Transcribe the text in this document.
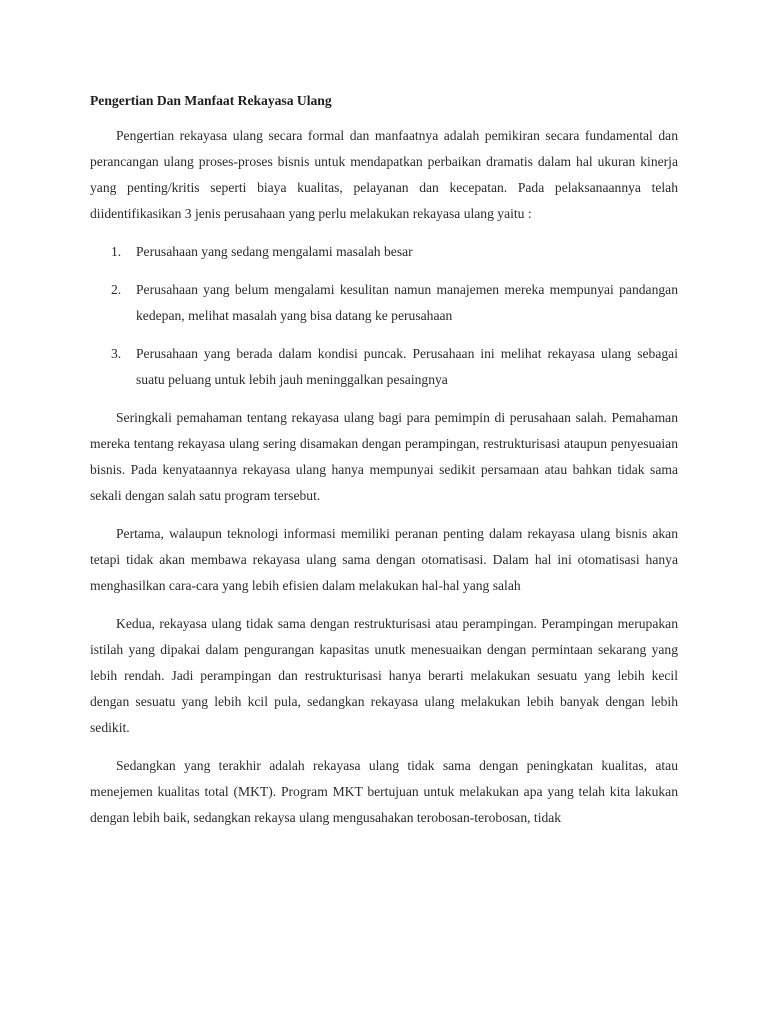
Pengertian Dan Manfaat Rekayasa Ulang

Pengertian rekayasa ulang secara formal dan manfaatnya adalah pemikiran secara fundamental dan perancangan ulang proses-proses bisnis untuk mendapatkan perbaikan dramatis dalam hal ukuran kinerja yang penting/kritis seperti biaya kualitas, pelayanan dan kecepatan. Pada pelaksanaannya telah diidentifikasikan 3 jenis perusahaan yang perlu melakukan rekayasa ulang yaitu :

1. Perusahaan yang sedang mengalami masalah besar
2. Perusahaan yang belum mengalami kesulitan namun manajemen mereka mempunyai pandangan kedepan, melihat masalah yang bisa datang ke perusahaan
3. Perusahaan yang berada dalam kondisi puncak. Perusahaan ini melihat rekayasa ulang sebagai suatu peluang untuk lebih jauh meninggalkan pesaingnya

Seringkali pemahaman tentang rekayasa ulang bagi para pemimpin di perusahaan salah. Pemahaman mereka tentang rekayasa ulang sering disamakan dengan perampingan, restrukturisasi ataupun penyesuaian bisnis. Pada kenyataannya rekayasa ulang hanya mempunyai sedikit persamaan atau bahkan tidak sama sekali dengan salah satu program tersebut.

Pertama, walaupun teknologi informasi memiliki peranan penting dalam rekayasa ulang bisnis akan tetapi tidak akan membawa rekayasa ulang sama dengan otomatisasi. Dalam hal ini otomatisasi hanya menghasilkan cara-cara yang lebih efisien dalam melakukan hal-hal yang salah

Kedua, rekayasa ulang tidak sama dengan restrukturisasi atau perampingan. Perampingan merupakan istilah yang dipakai dalam pengurangan kapasitas unutk menesuaikan dengan permintaan sekarang yang lebih rendah. Jadi perampingan dan restrukturisasi hanya berarti melakukan sesuatu yang lebih kecil dengan sesuatu yang lebih kcil pula, sedangkan rekayasa ulang melakukan lebih banyak dengan lebih sedikit.

Sedangkan yang terakhir adalah rekayasa ulang tidak sama dengan peningkatan kualitas, atau menejemen kualitas total (MKT). Program MKT bertujuan untuk melakukan apa yang telah kita lakukan dengan lebih baik, sedangkan rekaysa ulang mengusahakan terobosan-terobosan, tidak
